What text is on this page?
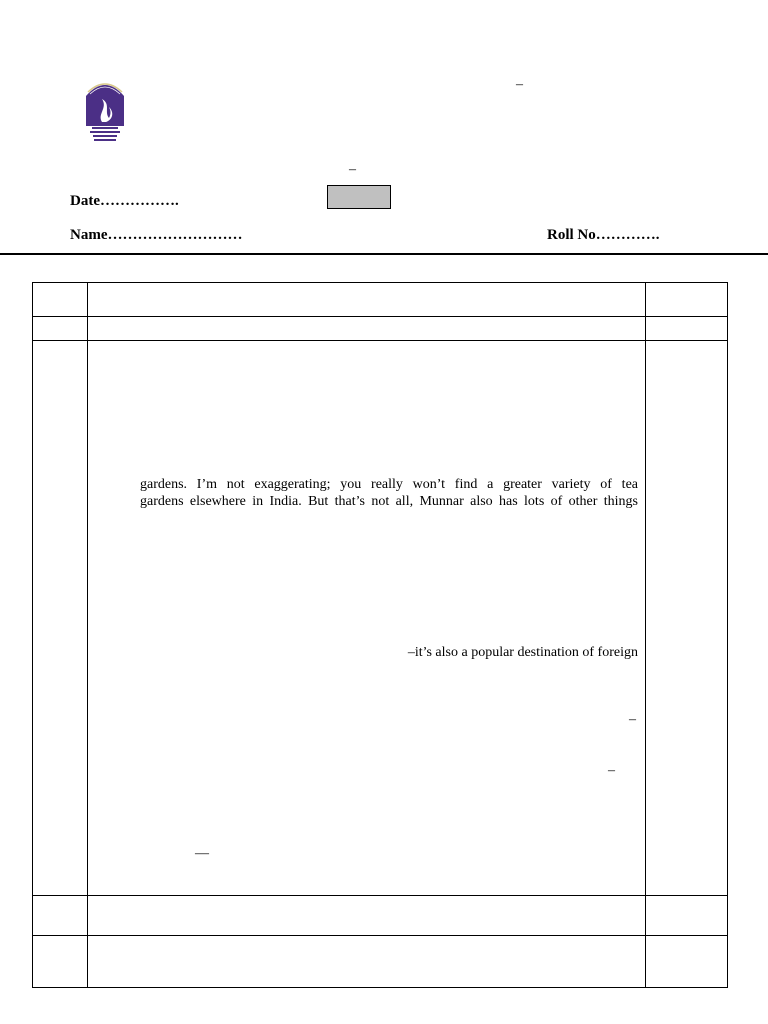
–
–
Date…………….
Name………………………	Roll No………….
gardens. I’m not exaggerating; you really won’t find a greater variety of tea
gardens elsewhere in India. But that’s not all, Munnar also has lots of other things
–it’s also a popular destination of foreign
–
–
—
